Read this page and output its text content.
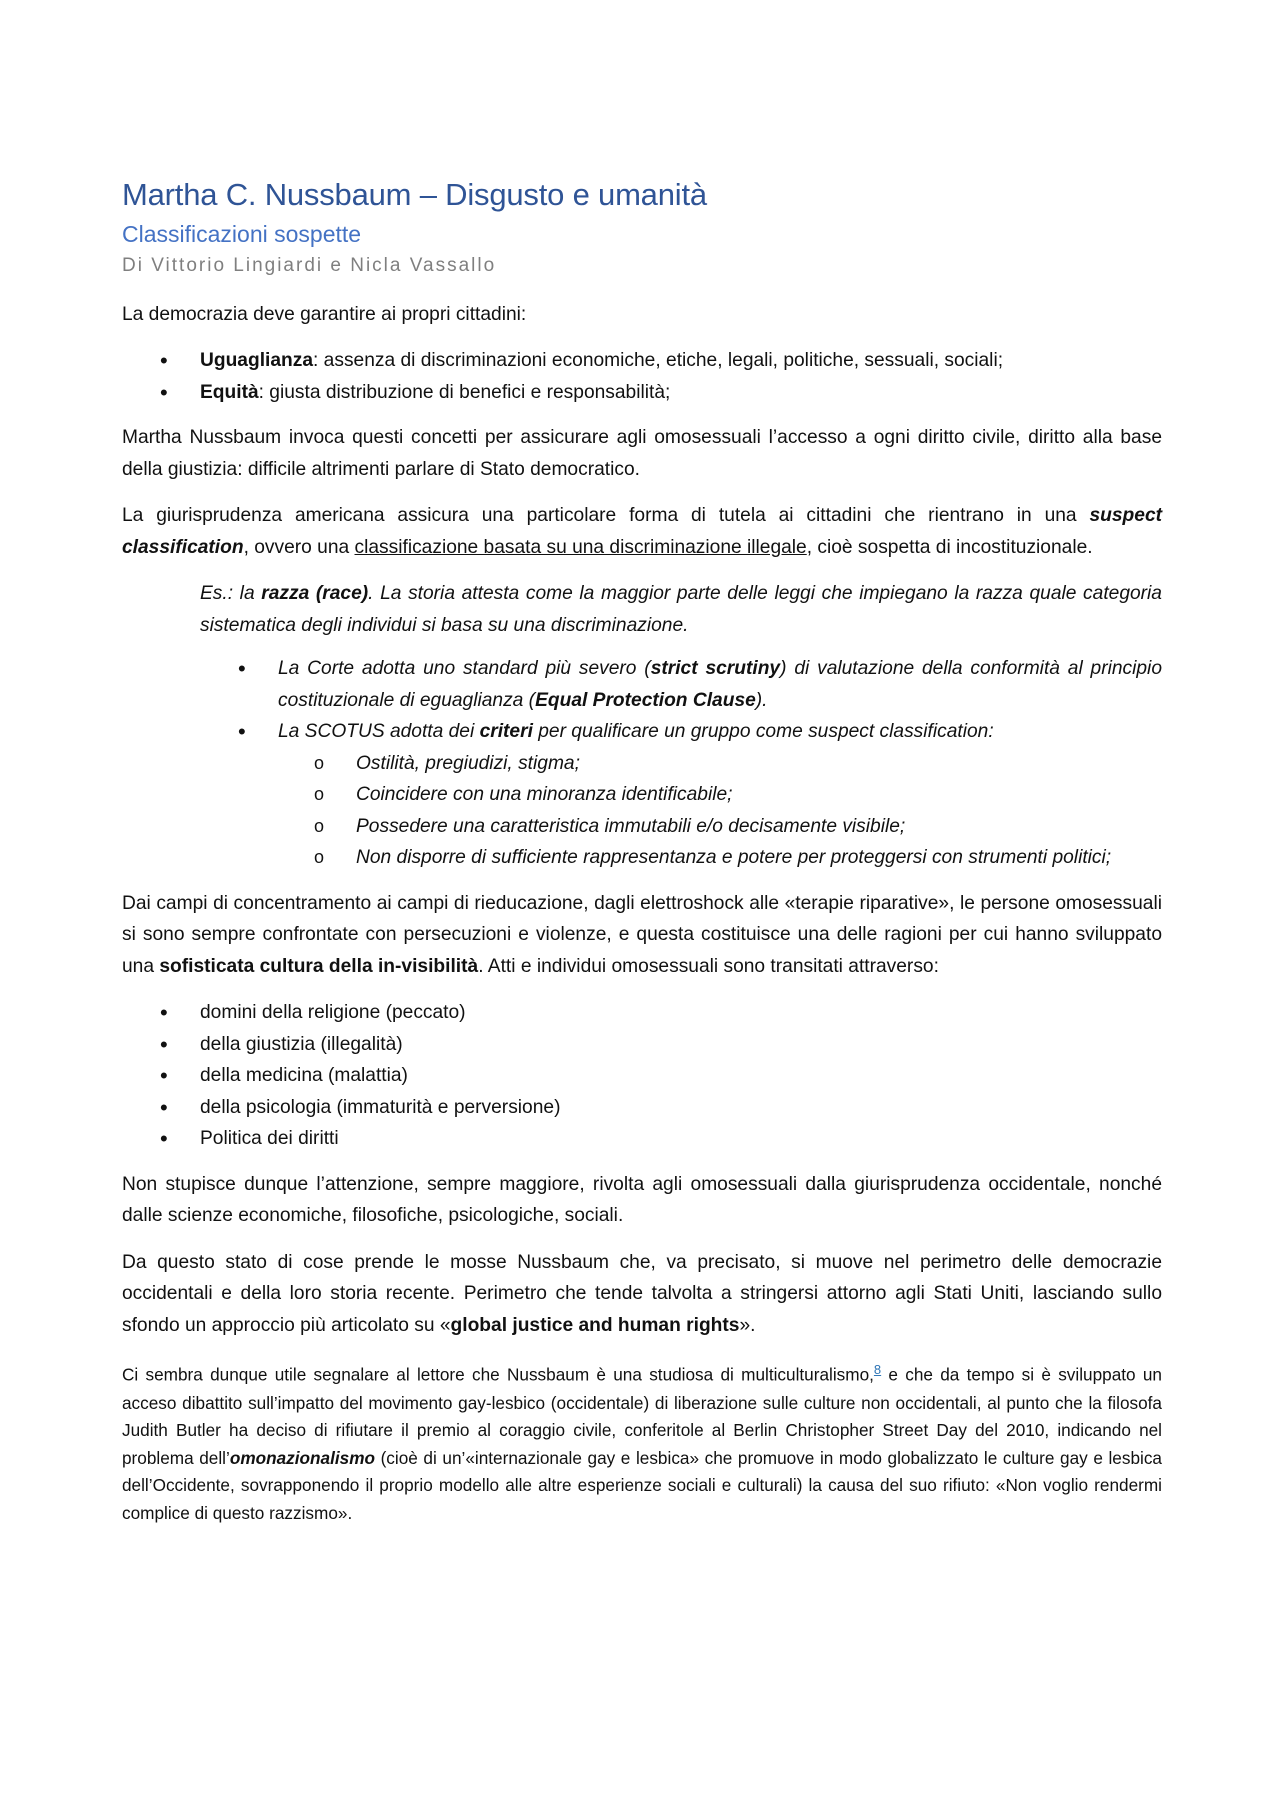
Martha C. Nussbaum – Disgusto e umanità
Classificazioni sospette
Di Vittorio Lingiardi e Nicla Vassallo

La democrazia deve garantire ai propri cittadini:

• Uguaglianza: assenza di discriminazioni economiche, etiche, legali, politiche, sessuali, sociali;
• Equità: giusta distribuzione di benefici e responsabilità;

Martha Nussbaum invoca questi concetti per assicurare agli omosessuali l’accesso a ogni diritto civile, diritto alla base della giustizia: difficile altrimenti parlare di Stato democratico.

La giurisprudenza americana assicura una particolare forma di tutela ai cittadini che rientrano in una suspect classification, ovvero una classificazione basata su una discriminazione illegale, cioè sospetta di incostituzionale.

Es.: la razza (race). La storia attesta come la maggior parte delle leggi che impiegano la razza quale categoria sistematica degli individui si basa su una discriminazione.

• La Corte adotta uno standard più severo (strict scrutiny) di valutazione della conformità al principio costituzionale di eguaglianza (Equal Protection Clause).
• La SCOTUS adotta dei criteri per qualificare un gruppo come suspect classification:
o Ostilità, pregiudizi, stigma;
o Coincidere con una minoranza identificabile;
o Possedere una caratteristica immutabili e/o decisamente visibile;
o Non disporre di sufficiente rappresentanza e potere per proteggersi con strumenti politici;

Dai campi di concentramento ai campi di rieducazione, dagli elettroshock alle «terapie riparative», le persone omosessuali si sono sempre confrontate con persecuzioni e violenze, e questa costituisce una delle ragioni per cui hanno sviluppato una sofisticata cultura della in-visibilità. Atti e individui omosessuali sono transitati attraverso:

• domini della religione (peccato)
• della giustizia (illegalità)
• della medicina (malattia)
• della psicologia (immaturità e perversione)
• Politica dei diritti

Non stupisce dunque l’attenzione, sempre maggiore, rivolta agli omosessuali dalla giurisprudenza occidentale, nonché dalle scienze economiche, filosofiche, psicologiche, sociali.

Da questo stato di cose prende le mosse Nussbaum che, va precisato, si muove nel perimetro delle democrazie occidentali e della loro storia recente. Perimetro che tende talvolta a stringersi attorno agli Stati Uniti, lasciando sullo sfondo un approccio più articolato su «global justice and human rights».

Ci sembra dunque utile segnalare al lettore che Nussbaum è una studiosa di multiculturalismo,$^8$ e che da tempo si è sviluppato un acceso dibattito sull’impatto del movimento gay-lesbico (occidentale) di liberazione sulle culture non occidentali, al punto che la filosofa Judith Butler ha deciso di rifiutare il premio al coraggio civile, conferitole al Berlin Christopher Street Day del 2010, indicando nel problema dell’omonazionalismo (cioè di un’«internazionale gay e lesbica» che promuove in modo globalizzato le culture gay e lesbica dell’Occidente, sovrapponendo il proprio modello alle altre esperienze sociali e culturali) la causa del suo rifiuto: «Non voglio rendermi complice di questo razzismo».
